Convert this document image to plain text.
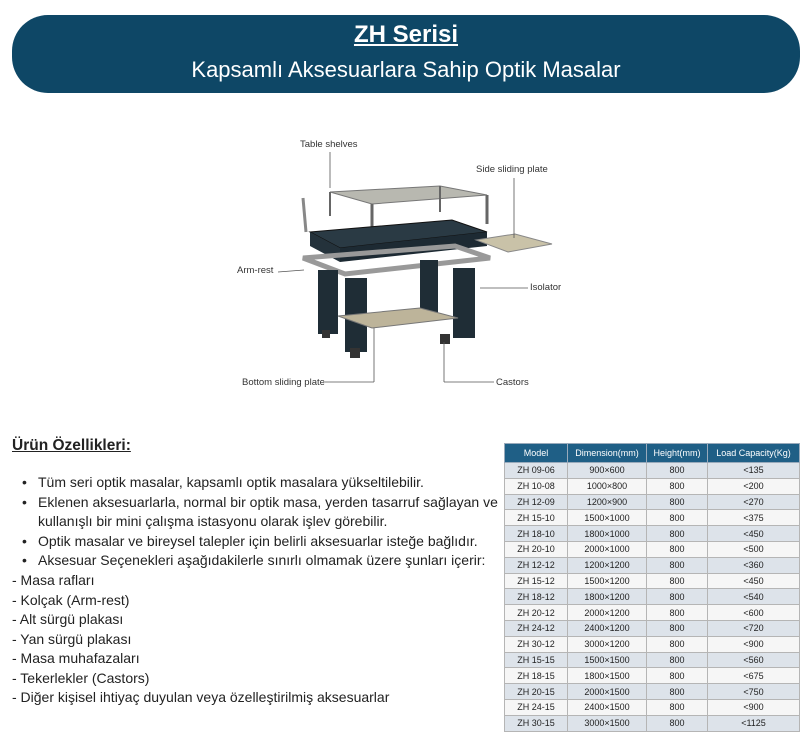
ZH Serisi
Kapsamlı Aksesuarlara Sahip Optik Masalar
Table shelves
Side sliding plate
Arm-rest
Isolator
Bottom sliding plate	Castors
Ürün Özellikleri:
• Tüm seri optik masalar, kapsamlı optik masalara yükseltilebilir.
• Eklenen aksesuarlarla, normal bir optik masa, yerden tasarruf sağlayan ve kullanışlı bir mini çalışma istasyonu olarak işlev görebilir.
• Optik masalar ve bireysel talepler için belirli aksesuarlar isteğe bağlıdır.
• Aksesuar Seçenekleri aşağıdakilerle sınırlı olmamak üzere şunları içerir:
- Masa rafları
- Kolçak (Arm-rest)
- Alt sürgü plakası
- Yan sürgü plakası
- Masa muhafazaları
- Tekerlekler (Castors)
- Diğer kişisel ihtiyaç duyulan veya özelleştirilmiş aksesuarlar
Model	Dimension(mm)	Height(mm)	Load Capacity(Kg)
ZH 09-06	900×600	800	<135
ZH 10-08	1000×800	800	<200
ZH 12-09	1200×900	800	<270
ZH 15-10	1500×1000	800	<375
ZH 18-10	1800×1000	800	<450
ZH 20-10	2000×1000	800	<500
ZH 12-12	1200×1200	800	<360
ZH 15-12	1500×1200	800	<450
ZH 18-12	1800×1200	800	<540
ZH 20-12	2000×1200	800	<600
ZH 24-12	2400×1200	800	<720
ZH 30-12	3000×1200	800	<900
ZH 15-15	1500×1500	800	<560
ZH 18-15	1800×1500	800	<675
ZH 20-15	2000×1500	800	<750
ZH 24-15	2400×1500	800	<900
ZH 30-15	3000×1500	800	<1125
